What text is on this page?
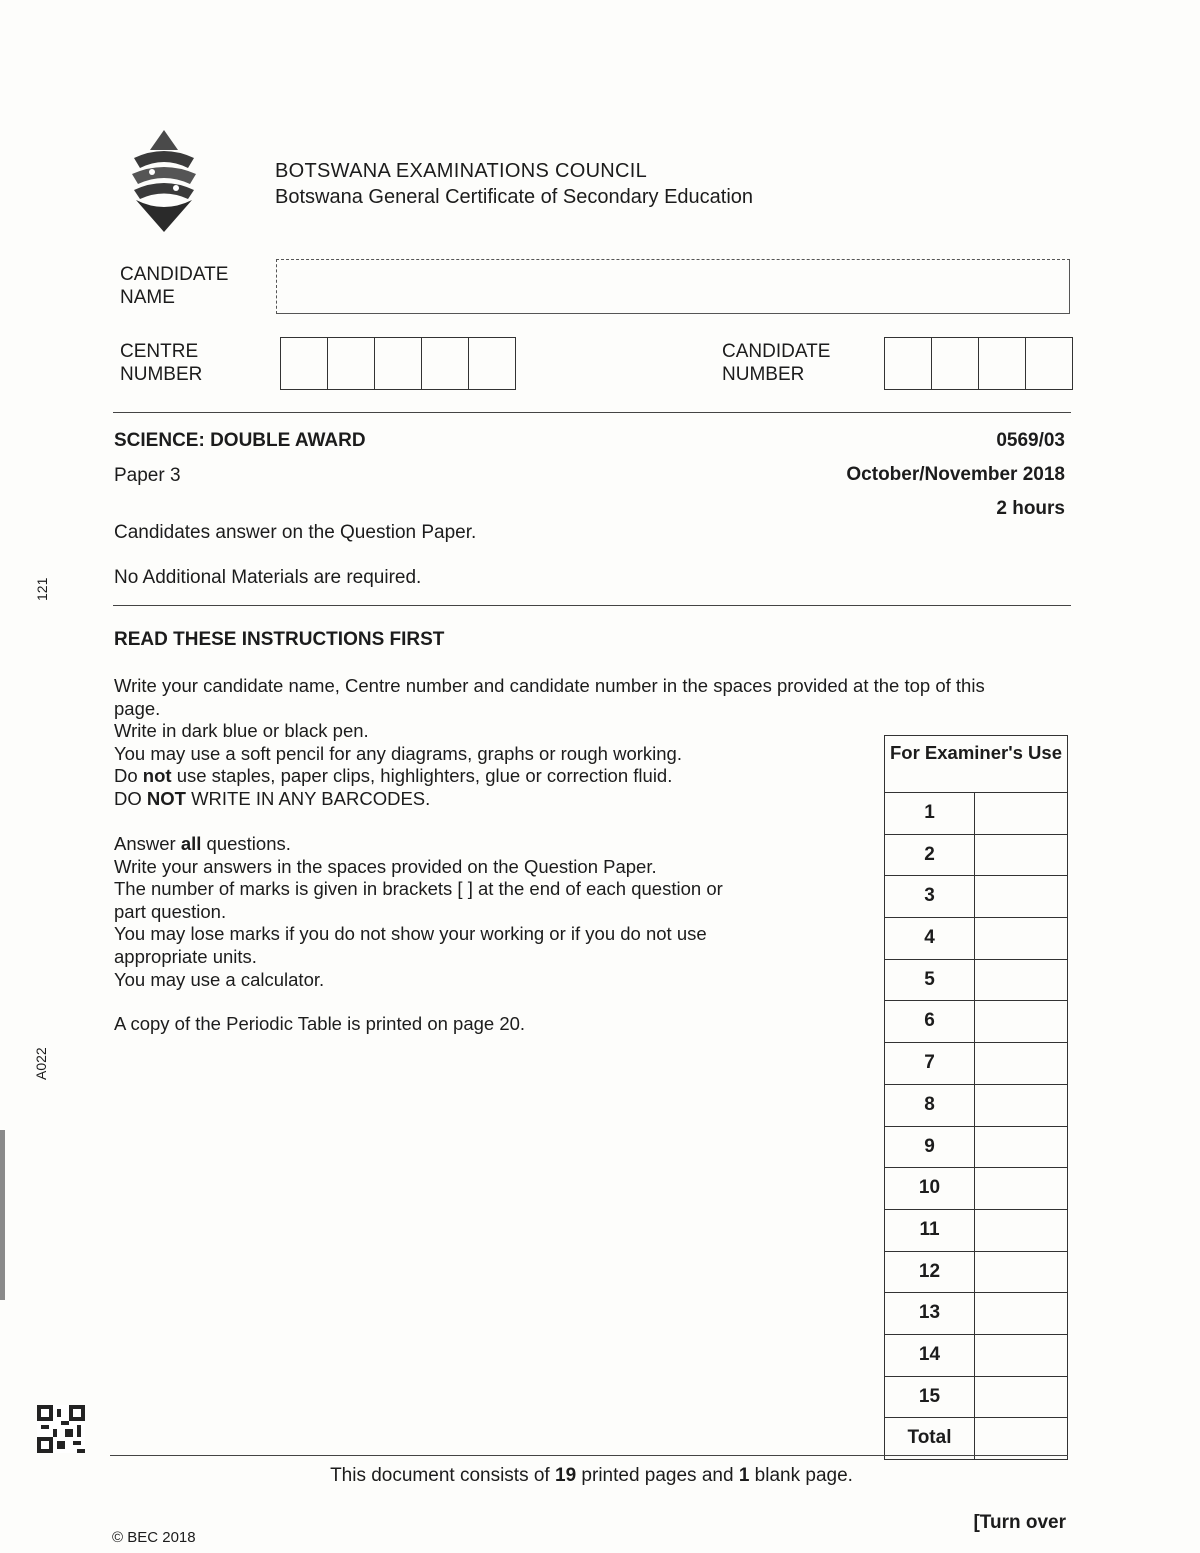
BOTSWANA EXAMINATIONS COUNCIL
Botswana General Certificate of Secondary Education
CANDIDATE
NAME
CENTRE
NUMBER
CANDIDATE
NUMBER
SCIENCE: DOUBLE AWARD	0569/03
Paper 3	October/November 2018
2 hours
Candidates answer on the Question Paper.
No Additional Materials are required.
READ THESE INSTRUCTIONS FIRST
Write your candidate name, Centre number and candidate number in the spaces provided at the top of this
page.
Write in dark blue or black pen.
You may use a soft pencil for any diagrams, graphs or rough working.
Do not use staples, paper clips, highlighters, glue or correction fluid.
DO NOT WRITE IN ANY BARCODES.
Answer all questions.
Write your answers in the spaces provided on the Question Paper.
The number of marks is given in brackets [ ] at the end of each question or
part question.
You may lose marks if you do not show your working or if you do not use
appropriate units.
You may use a calculator.
A copy of the Periodic Table is printed on page 20.
For Examiner's Use
1
2
3
4
5
6
7
8
9
10
11
12
13
14
15
Total
This document consists of 19 printed pages and 1 blank page.
© BEC 2018
[Turn over
121
A022
